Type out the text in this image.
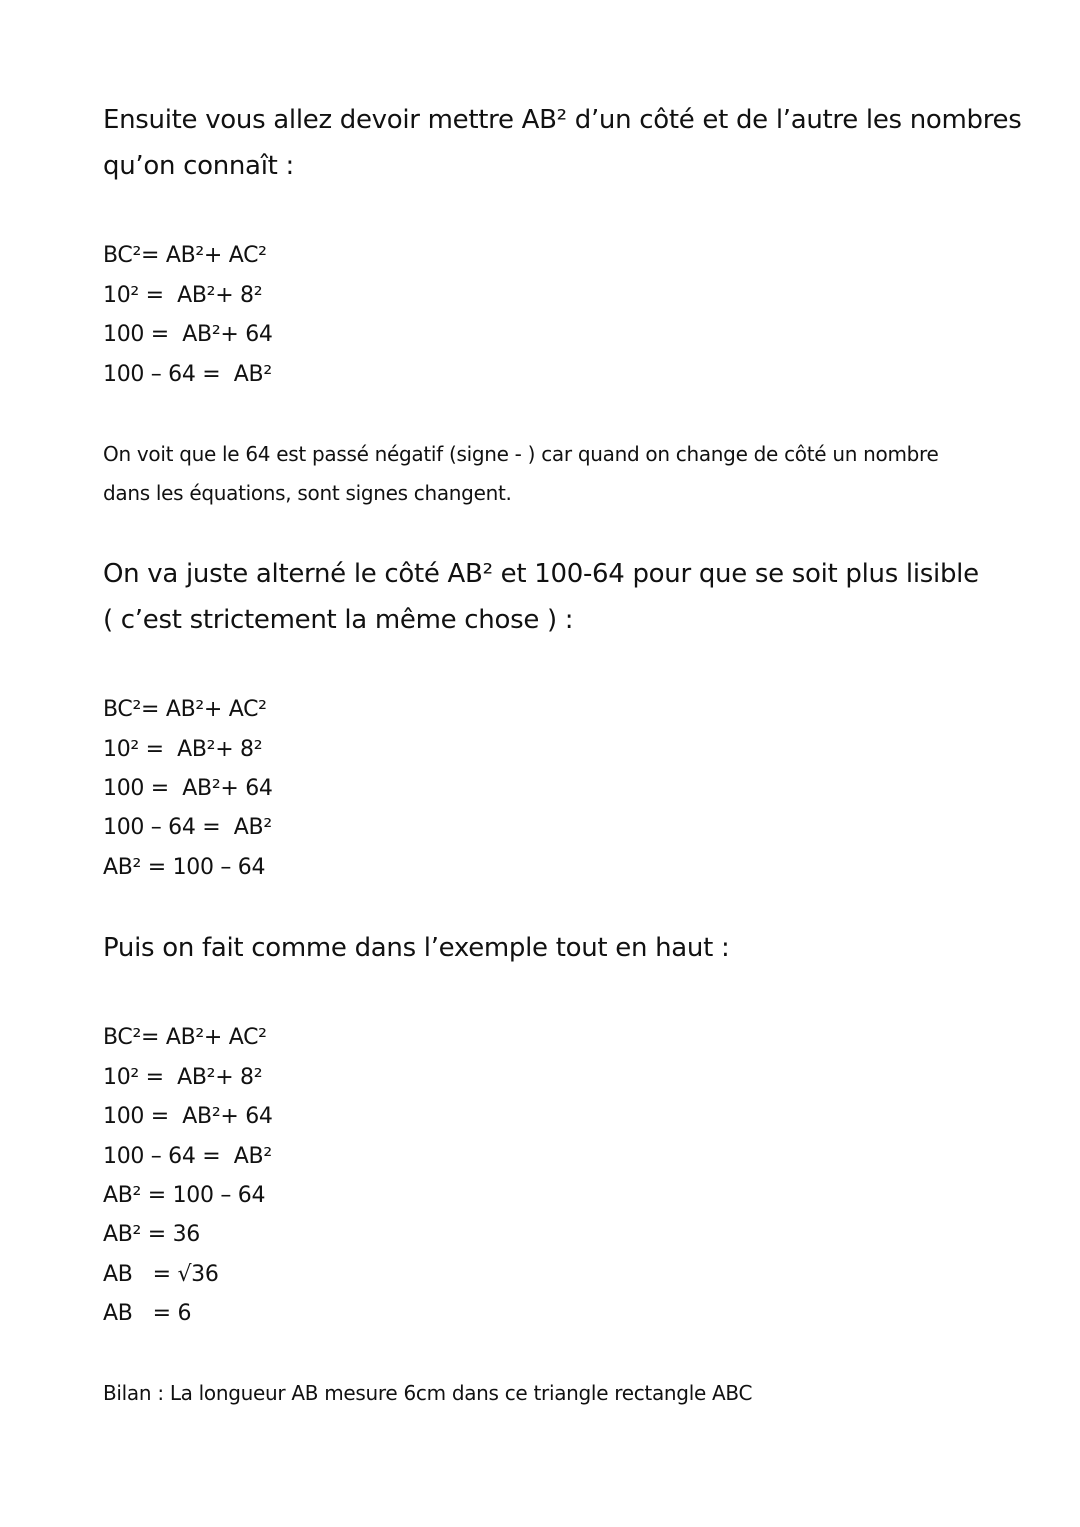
Ensuite vous allez devoir mettre AB² d’un côté et de l’autre les nombres

qu’on connaît :

BC²= AB²+ AC²

10² =  AB²+ 8²

100 =  AB²+ 64

100 – 64 =  AB²

On voit que le 64 est passé négatif (signe - ) car quand on change de côté un nombre

dans les équations, sont signes changent.

On va juste alterné le côté AB² et 100-64 pour que se soit plus lisible

( c’est strictement la même chose ) :

BC²= AB²+ AC²

10² =  AB²+ 8²

100 =  AB²+ 64

100 – 64 =  AB²

AB² = 100 – 64

Puis on fait comme dans l’exemple tout en haut :

BC²= AB²+ AC²

10² =  AB²+ 8²

100 =  AB²+ 64

100 – 64 =  AB²

AB² = 100 – 64

AB² = 36

AB   = √36

AB   = 6

Bilan : La longueur AB mesure 6cm dans ce triangle rectangle ABC
